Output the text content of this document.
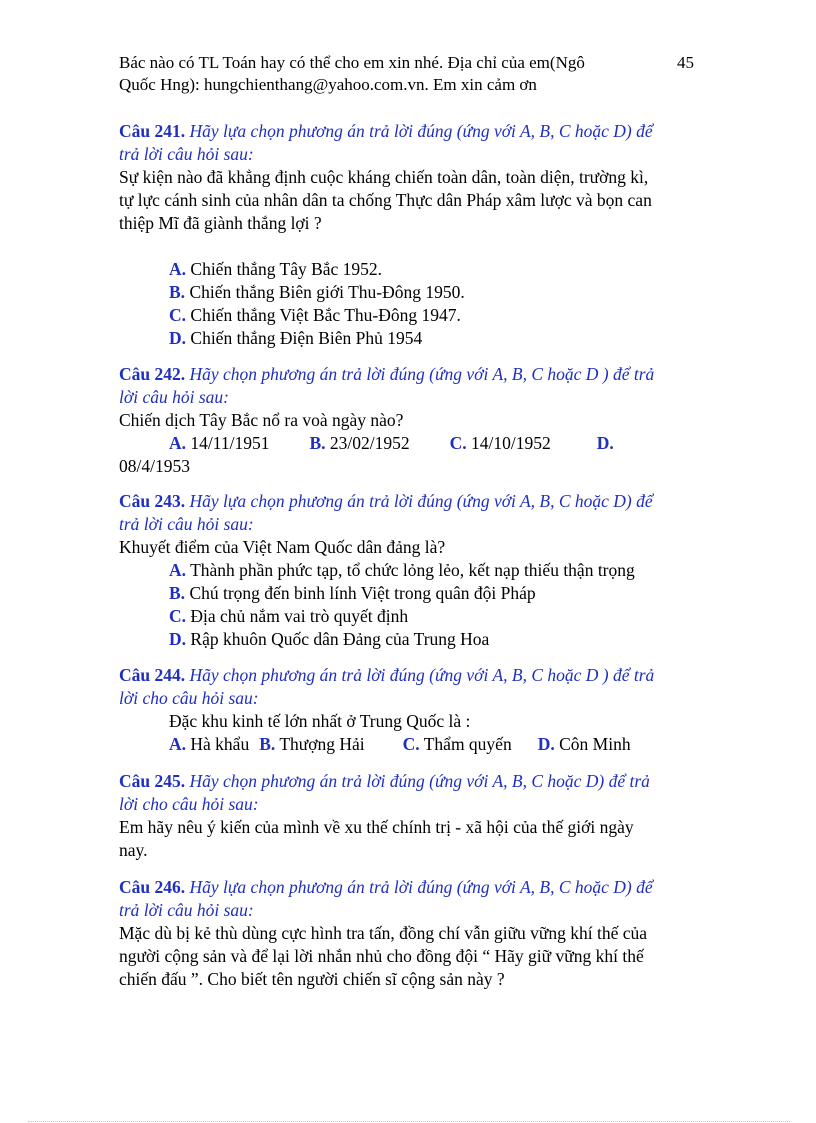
Bác nào có TL Toán hay có thể cho em xin nhé. Địa chỉ của em(Ngô
Quốc Hng): hungchienthang@yahoo.com.vn. Em xin cảm ơn
45
Câu 241. Hãy lựa chọn phương án trả lời đúng (ứng với A, B, C hoặc D) để
trả lời câu hỏi sau:
Sự kiện nào đã khẳng định cuộc kháng chiến toàn dân, toàn diện, trường kì,
tự lực cánh sinh của nhân dân ta chống Thực dân Pháp xâm lược và bọn can
thiệp Mĩ đã giành thắng lợi ?
A. Chiến thắng Tây Bắc 1952.
B. Chiến thắng Biên giới Thu-Đông 1950.
C. Chiến thắng Việt Bắc Thu-Đông 1947.
D. Chiến thắng Điện Biên Phủ 1954
Câu 242. Hãy chọn phương án trả lời đúng (ứng với A, B, C hoặc D ) để trả
lời câu hỏi sau:
Chiến dịch Tây Bắc nổ ra voà ngày nào?
A. 14/11/1951 B. 23/02/1952 C. 14/10/1952	D.
08/4/1953
Câu 243. Hãy lựa chọn phương án trả lời đúng (ứng với A, B, C hoặc D) để
trả lời câu hỏi sau:
Khuyết điểm của Việt Nam Quốc dân đảng là?
A. Thành phần phức tạp, tổ chức lỏng lẻo, kết nạp thiếu thận trọng
B. Chú trọng đến binh lính Việt trong quân đội Pháp
C. Địa chủ nắm vai trò quyết định
D. Rập khuôn Quốc dân Đảng của Trung Hoa
Câu 244. Hãy chọn phương án trả lời đúng (ứng với A, B, C hoặc D ) để trả
lời cho câu hỏi sau:
Đặc khu kinh tế lớn nhất ở Trung Quốc là :
A. Hà khẩu B. Thượng Hải C. Thẩm quyến D. Côn Minh
Câu 245. Hãy chọn phương án trả lời đúng (ứng với A, B, C hoặc D) để trả
lời cho câu hỏi sau:
Em hãy nêu ý kiến của mình về xu thế chính trị - xã hội của thế giới ngày
nay.
Câu 246. Hãy lựa chọn phương án trả lời đúng (ứng với A, B, C hoặc D) để
trả lời câu hỏi sau:
Mặc dù bị kẻ thù dùng cực hình tra tấn, đồng chí vẫn giữu vững khí thế của
người cộng sản và để lại lời nhắn nhủ cho đồng đội “ Hãy giữ vững khí thế
chiến đấu ”. Cho biết tên người chiến sĩ cộng sản này ?
